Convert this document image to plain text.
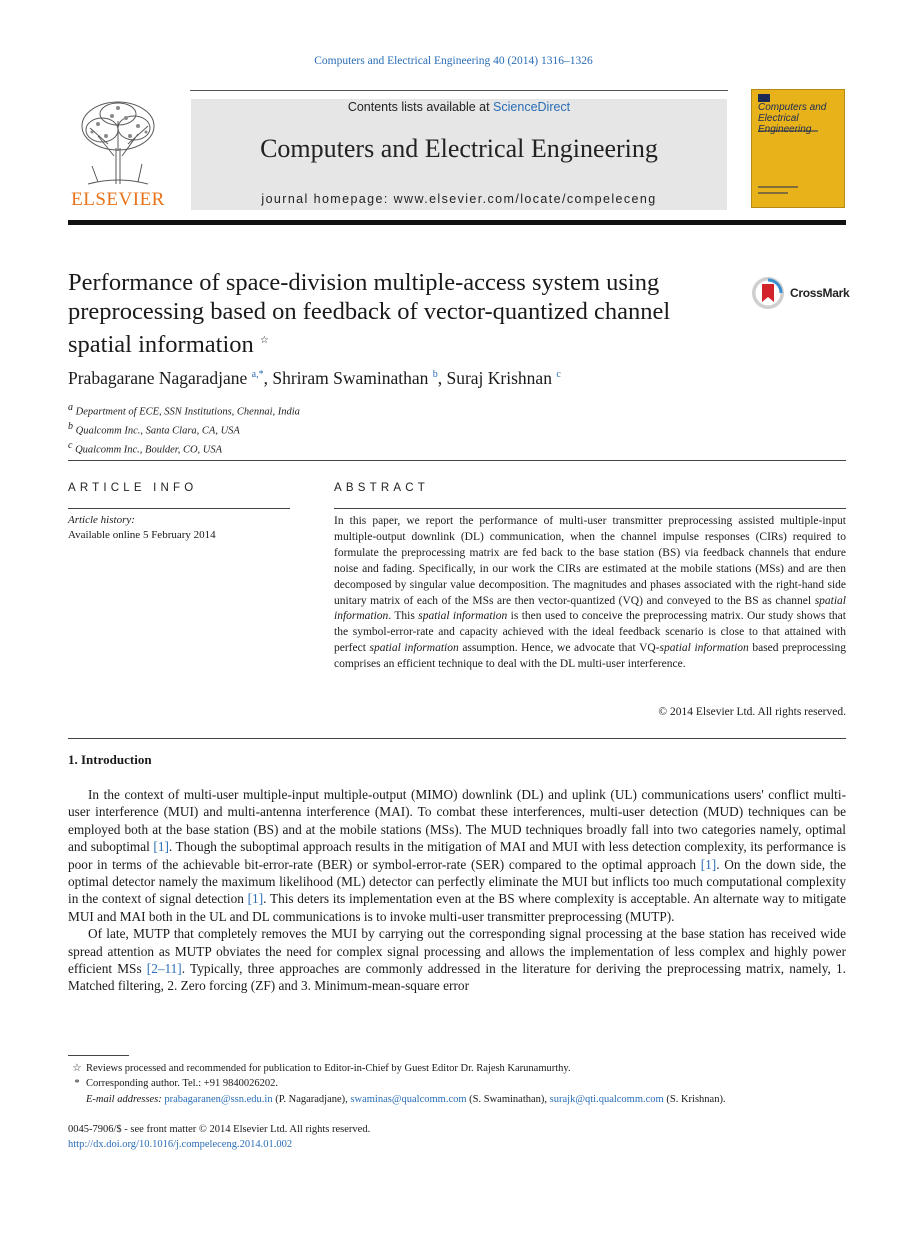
Computers and Electrical Engineering 40 (2014) 1316–1326
ELSEVIER
Contents lists available at ScienceDirect
Computers and Electrical Engineering
journal homepage: www.elsevier.com/locate/compeleceng
Computers and
Electrical
Performance of space-division multiple-access system using preprocessing based on feedback of vector-quantized channel spatial information ☆
CrossMark
Prabagarane Nagaradjane $^{a,*}$, Shriram Swaminathan $^b$, Suraj Krishnan $^c$
$^a$ Department of ECE, SSN Institutions, Chennai, India
$^b$ Qualcomm Inc., Santa Clara, CA, USA
$^c$ Qualcomm Inc., Boulder, CO, USA
ARTICLE INFO
Article history:
Available online 5 February 2014
ABSTRACT
In this paper, we report the performance of multi-user transmitter preprocessing assisted multiple-input multiple-output downlink (DL) communication, when the channel impulse responses (CIRs) required to formulate the preprocessing matrix are fed back to the base station (BS) via feedback channels that endure noise and fading. Specifically, in our work the CIRs are estimated at the mobile stations (MSs) and are then decomposed by singular value decomposition. The magnitudes and phases associated with the right-hand side unitary matrix of each of the MSs are then vector-quantized (VQ) and conveyed to the BS as channel spatial information. This spatial information is then used to conceive the preprocessing matrix. Our study shows that the symbol-error-rate and capacity achieved with the ideal feedback scenario is close to that attained with perfect spatial information assumption. Hence, we advocate that VQ-spatial information based preprocessing comprises an efficient technique to deal with the DL multi-user interference.
© 2014 Elsevier Ltd. All rights reserved.
1. Introduction

In the context of multi-user multiple-input multiple-output (MIMO) downlink (DL) and uplink (UL) communications users' conflict multi-user interference (MUI) and multi-antenna interference (MAI). To combat these interferences, multi-user detection (MUD) techniques can be employed both at the base station (BS) and at the mobile stations (MSs). The MUD techniques broadly fall into two categories namely, optimal and suboptimal [1]. Though the suboptimal approach results in the mitigation of MAI and MUI with less detection complexity, its performance is poor in terms of the achievable bit-error-rate (BER) or symbol-error-rate (SER) compared to the optimal approach [1]. On the down side, the optimal detector namely the maximum likelihood (ML) detector can perfectly eliminate the MUI but inflicts too much computational complexity in the context of signal detection [1]. This deters its implementation even at the BS where complexity is acceptable. An alternate way to mitigate MUI and MAI both in the UL and DL communications is to invoke multi-user transmitter preprocessing (MUTP).

Of late, MUTP that completely removes the MUI by carrying out the corresponding signal processing at the base station has received wide spread attention as MUTP obviates the need for complex signal processing and allows the implementation of less complex and highly power efficient MSs [2–11]. Typically, three approaches are commonly addressed in the literature for deriving the preprocessing matrix, namely, 1. Matched filtering, 2. Zero forcing (ZF) and 3. Minimum-mean-square error

☆ Reviews processed and recommended for publication to Editor-in-Chief by Guest Editor Dr. Rajesh Karunamurthy.
* Corresponding author. Tel.: +91 9840026202.
E-mail addresses: prabagaranen@ssn.edu.in (P. Nagaradjane), swaminas@qualcomm.com (S. Swaminathan), surajk@qti.qualcomm.com (S. Krishnan).
0045-7906/$ - see front matter © 2014 Elsevier Ltd. All rights reserved.
http://dx.doi.org/10.1016/j.compeleceng.2014.01.002
